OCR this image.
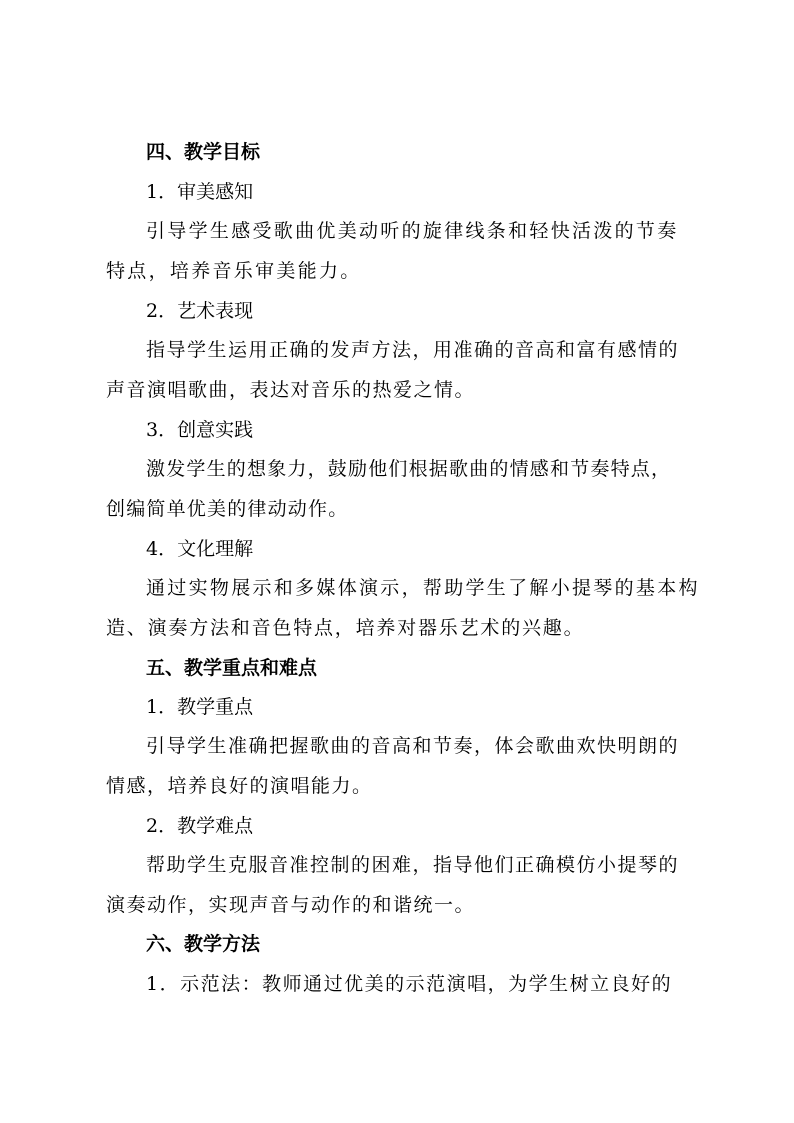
四、教学目标
1．审美感知
引导学生感受歌曲优美动听的旋律线条和轻快活泼的节奏
特点，培养音乐审美能力。
2．艺术表现
指导学生运用正确的发声方法，用准确的音高和富有感情的
声音演唱歌曲，表达对音乐的热爱之情。
3．创意实践
激发学生的想象力，鼓励他们根据歌曲的情感和节奏特点，
创编简单优美的律动动作。
4．文化理解
通过实物展示和多媒体演示，帮助学生了解小提琴的基本构
造、演奏方法和音色特点，培养对器乐艺术的兴趣。
五、教学重点和难点
1．教学重点
引导学生准确把握歌曲的音高和节奏，体会歌曲欢快明朗的
情感，培养良好的演唱能力。
2．教学难点
帮助学生克服音准控制的困难，指导他们正确模仿小提琴的
演奏动作，实现声音与动作的和谐统一。
六、教学方法
1．示范法：教师通过优美的示范演唱，为学生树立良好的
